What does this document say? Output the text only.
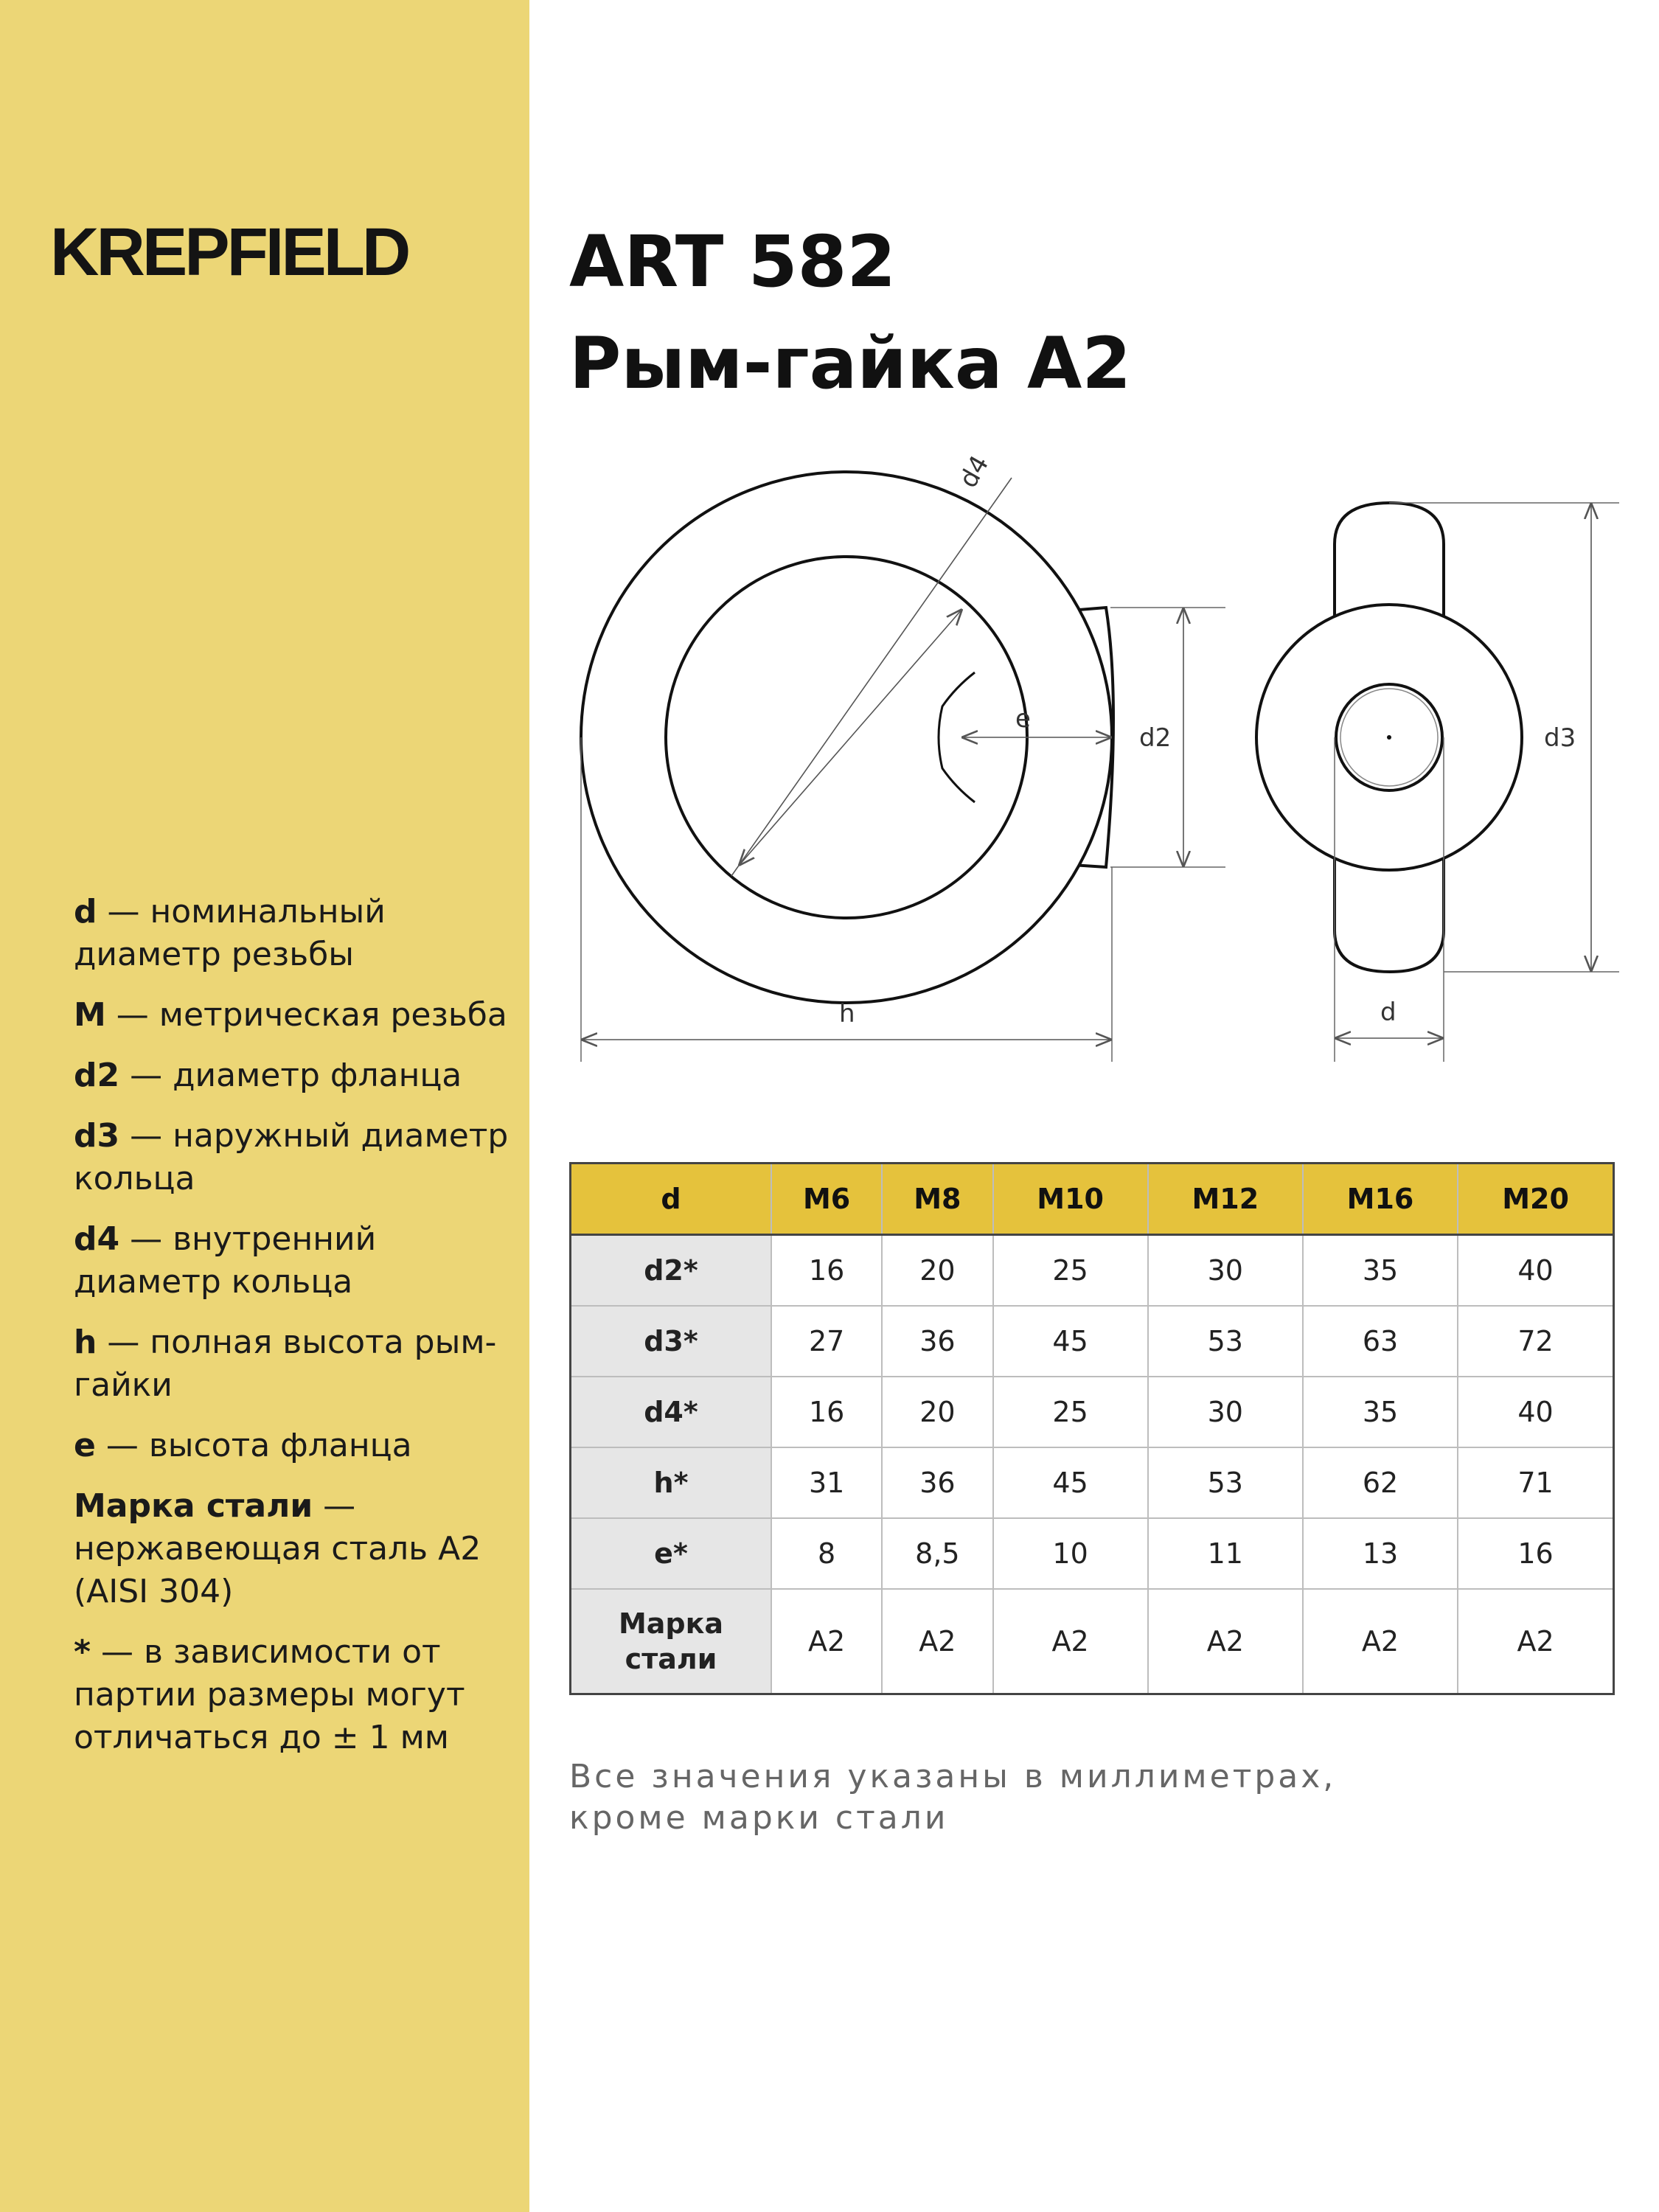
KREPFIELD
d — номинальный диаметр резьбы
M — метрическая резьба
d2 — диаметр фланца
d3 — наружный диаметр кольца
d4 — внутренний диаметр кольца
h — полная высота рым-гайки
e — высота фланца
Марка стали — нержавеющая сталь A2 (AISI 304)
* — в зависимости от партии размеры могут отличаться до ± 1 мм
ART 582
Рым-гайка A2
d4
e
d2
h
d3
d
d	M6	M8	M10	M12	M16	M20
d2*	16	20	25	30	35	40
d3*	27	36	45	53	63	72
d4*	16	20	25	30	35	40
h*	31	36	45	53	62	71
e*	8	8,5	10	11	13	16

Марка
стали	A2	A2	A2	A2	A2	A2
Все значения указаны в миллиметрах,
кроме марки стали
